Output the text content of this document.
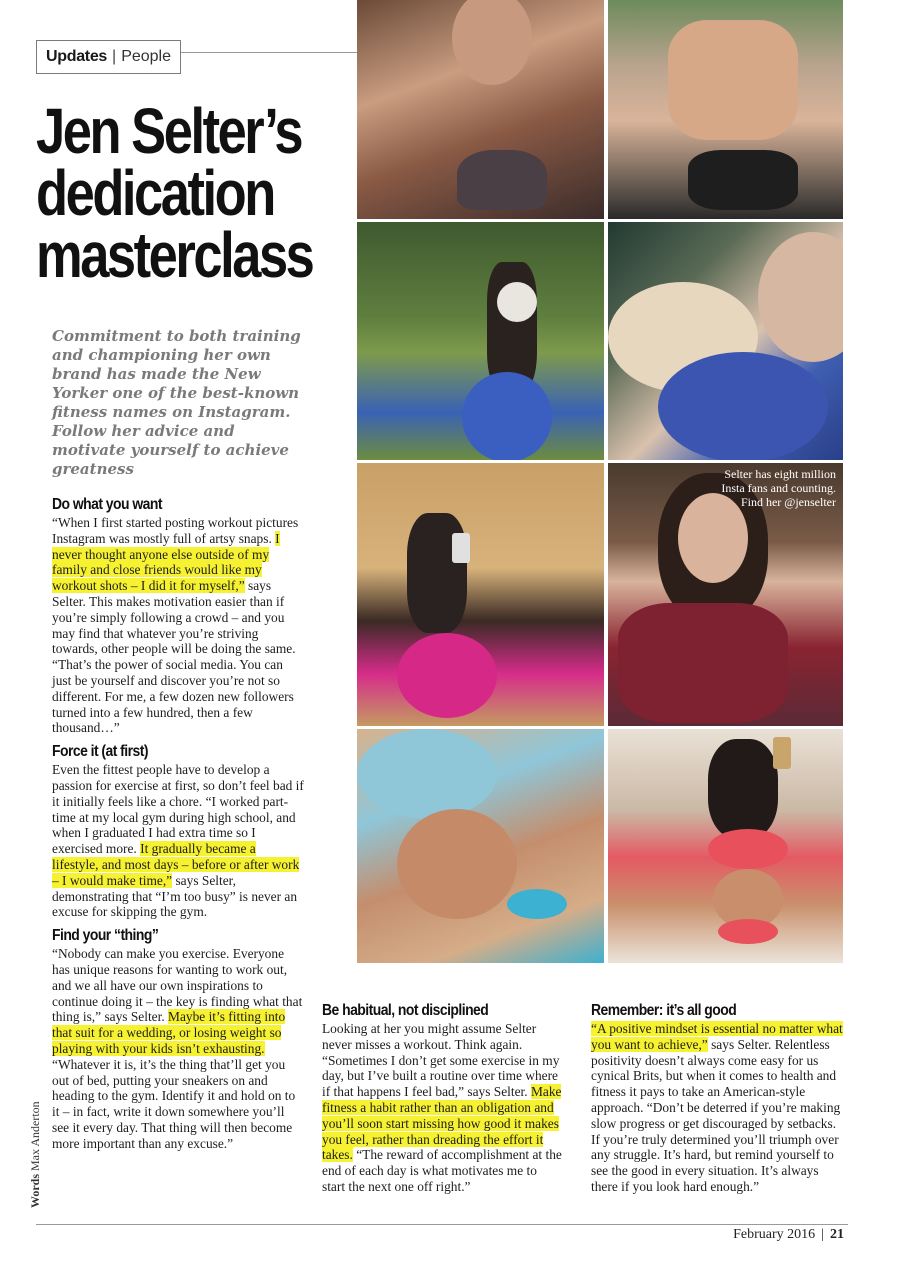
Updates | People
Jen Selter’s
dedication
masterclass

Commitment to both training and championing her own brand has made the New Yorker one of the best-known fitness names on Instagram. Follow her advice and motivate yourself to achieve greatness

Do what you want

“When I first started posting workout pictures Instagram was mostly full of artsy snaps. I never thought anyone else outside of my family and close friends would like my workout shots – I did it for myself,” says Selter. This makes motivation easier than if you’re simply following a crowd – and you may find that whatever you’re striving towards, other people will be doing the same. “That’s the power of social media. You can just be yourself and discover you’re not so different. For me, a few dozen new followers turned into a few hundred, then a few thousand…”

Force it (at first)

Even the fittest people have to develop a passion for exercise at first, so don’t feel bad if it initially feels like a chore. “I worked part-time at my local gym during high school, and when I graduated I had extra time so I exercised more. It gradually became a lifestyle, and most days – before or after work – I would make time,” says Selter, demonstrating that “I’m too busy” is never an excuse for skipping the gym.

Find your “thing”

“Nobody can make you exercise. Everyone has unique reasons for wanting to work out, and we all have our own inspirations to continue doing it – the key is finding what that thing is,” says Selter. Maybe it’s fitting into that suit for a wedding, or losing weight so playing with your kids isn’t exhausting. “Whatever it is, it’s the thing that’ll get you out of bed, putting your sneakers on and heading to the gym. Identify it and hold on to it – in fact, write it down somewhere you’ll see it every day. That thing will then become more important than any excuse.”

Be habitual, not disciplined

Looking at her you might assume Selter never misses a workout. Think again. “Sometimes I don’t get some exercise in my day, but I’ve built a routine over time where if that happens I feel bad,” says Selter. Make fitness a habit rather than an obligation and you’ll soon start missing how good it makes you feel, rather than dreading the effort it takes. “The reward of accomplishment at the end of each day is what motivates me to start the next one off right.”

Remember: it’s all good

“A positive mindset is essential no matter what you want to achieve,” says Selter. Relentless positivity doesn’t always come easy for us cynical Brits, but when it comes to health and fitness it pays to take an American-style approach. “Don’t be deterred if you’re making slow progress or get discouraged by setbacks. If you’re truly determined you’ll triumph over any struggle. It’s hard, but remind yourself to see the good in every situation. It’s always there if you look hard enough.”

Selter has eight million Insta fans and counting. Find her @jenselter
Words Max Anderton
February 2016 | 21
